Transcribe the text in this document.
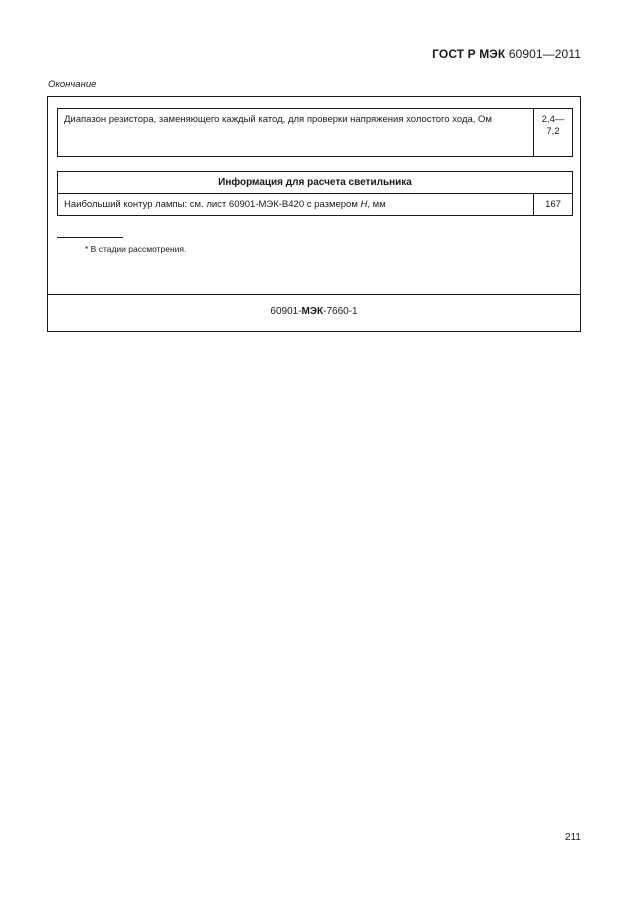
ГОСТ Р МЭК 60901—2011
Окончание
Диапазон резистора, заменяющего каждый катод, для проверки напряжения холостого хода, Ом	2,4—
7,2
Информация для расчета светильника
Наибольший контур лампы: см. лист 60901-МЭК-В420 с размером H, мм	167
* В стадии рассмотрения.
60901-МЭК-7660-1
211
